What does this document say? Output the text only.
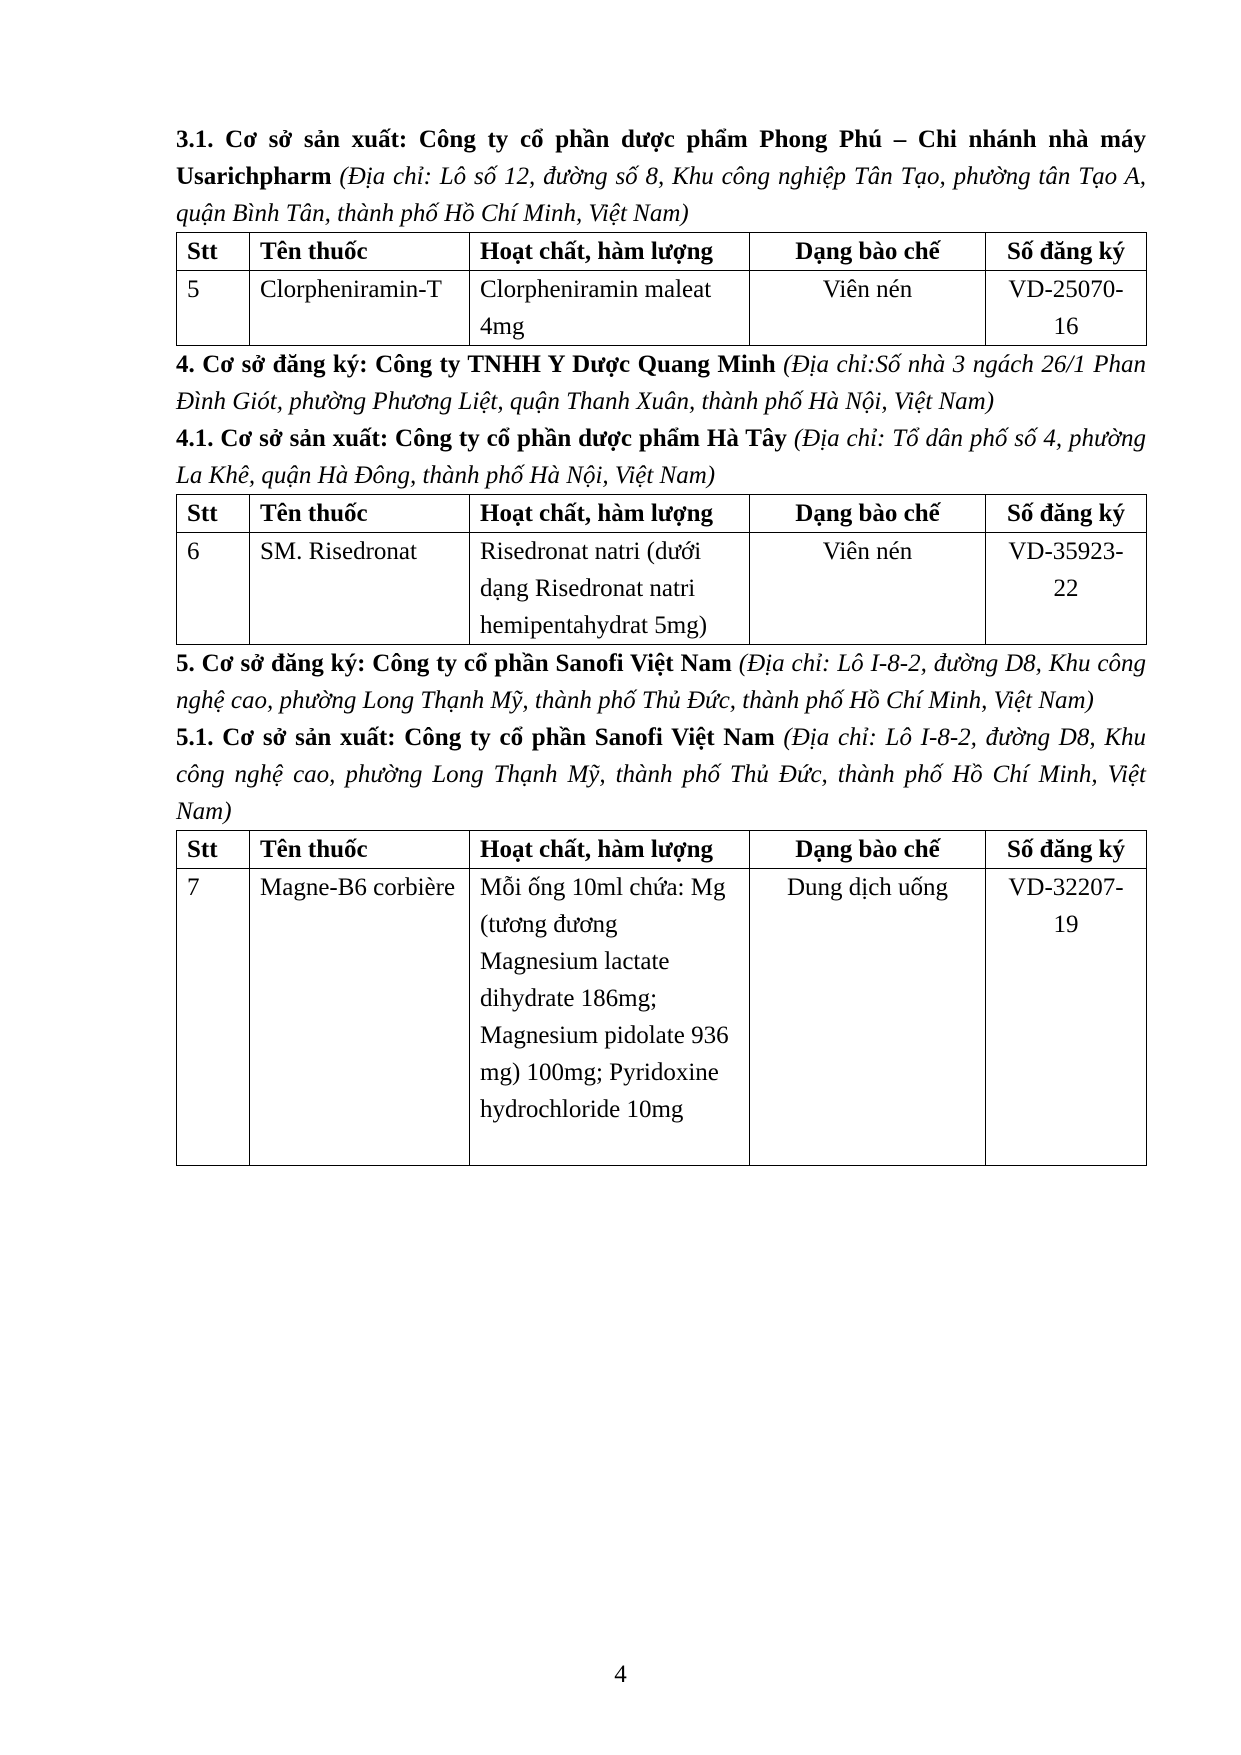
3.1. Cơ sở sản xuất: Công ty cổ phần dược phẩm Phong Phú – Chi nhánh nhà máy Usarichpharm (Địa chỉ: Lô số 12, đường số 8, Khu công nghiệp Tân Tạo, phường tân Tạo A, quận Bình Tân, thành phố Hồ Chí Minh, Việt Nam)

Stt	Tên thuốc	Hoạt chất, hàm lượng	Dạng bào chế	Số đăng ký
5	Clorpheniramin-T	Clorpheniramin maleat 4mg	Viên nén	VD-25070-16

4. Cơ sở đăng ký: Công ty TNHH Y Dược Quang Minh (Địa chỉ:Số nhà 3 ngách 26/1 Phan Đình Giót, phường Phương Liệt, quận Thanh Xuân, thành phố Hà Nội, Việt Nam)

4.1. Cơ sở sản xuất: Công ty cổ phần dược phẩm Hà Tây (Địa chỉ: Tổ dân phố số 4, phường La Khê, quận Hà Đông, thành phố Hà Nội, Việt Nam)

Stt	Tên thuốc	Hoạt chất, hàm lượng	Dạng bào chế	Số đăng ký
6	SM. Risedronat	Risedronat natri (dưới dạng Risedronat natri hemipentahydrat 5mg)	Viên nén	VD-35923-22

5. Cơ sở đăng ký: Công ty cổ phần Sanofi Việt Nam (Địa chỉ: Lô I-8-2, đường D8, Khu công nghệ cao, phường Long Thạnh Mỹ, thành phố Thủ Đức, thành phố Hồ Chí Minh, Việt Nam)

5.1. Cơ sở sản xuất: Công ty cổ phần Sanofi Việt Nam (Địa chỉ: Lô I-8-2, đường D8, Khu công nghệ cao, phường Long Thạnh Mỹ, thành phố Thủ Đức, thành phố Hồ Chí Minh, Việt Nam)

Stt	Tên thuốc	Hoạt chất, hàm lượng	Dạng bào chế	Số đăng ký
7	Magne-B6 corbière	Mỗi ống 10ml chứa: Mg (tương đương Magnesium lactate dihydrate 186mg; Magnesium pidolate 936 mg) 100mg; Pyridoxine hydrochloride 10mg	Dung dịch uống	VD-32207-19
4
